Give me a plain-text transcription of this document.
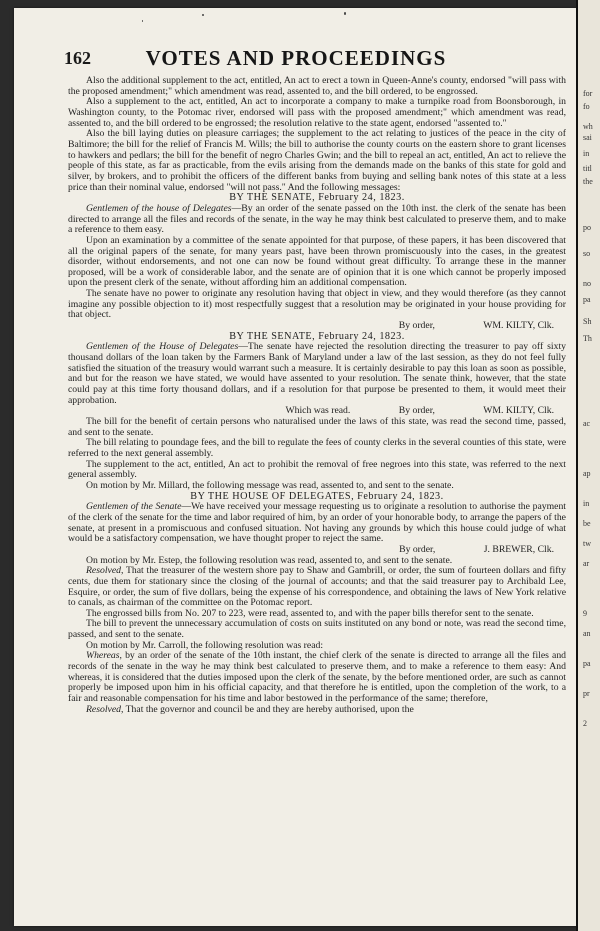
162	VOTES AND PROCEEDINGS

Also the additional supplement to the act, entitled, An act to erect a town in Queen-Anne's county, endorsed "will pass with the proposed amendment;" which amendment was read, assented to, and the bill ordered, to be engrossed.

Also a supplement to the act, entitled, An act to incorporate a company to make a turnpike road from Boonsborough, in Washington county, to the Potomac river, endorsed will pass with the proposed amendment;" which amendment was read, assented to, and the bill ordered to be engrossed; the resolution relative to the state agent, endorsed "assented to."

Also the bill laying duties on pleasure carriages; the supplement to the act relating to justices of the peace in the city of Baltimore; the bill for the relief of Francis M. Wills; the bill to authorise the county courts on the eastern shore to grant licenses to hawkers and pedlars; the bill for the benefit of negro Charles Gwin; and the bill to repeal an act, entitled, An act to relieve the people of this state, as far as practicable, from the evils arising from the demands made on the banks of this state for gold and silver, by brokers, and to prohibit the officers of the different banks from buying and selling bank notes of this state at a less price than their nominal value, endorsed "will not pass." And the following messages:

BY THE SENATE, February 24, 1823.

Gentlemen of the house of Delegates—By an order of the senate passed on the 10th inst. the clerk of the senate has been directed to arrange all the files and records of the senate, in the way he may think best calculated to preserve them, and to make a reference to them easy.

Upon an examination by a committee of the senate appointed for that purpose, of these papers, it has been discovered that all the original papers of the senate, for many years past, have been thrown promiscuously into the cases, in the greatest disorder, without endorsements, and not one can now be found without great difficulty. To arrange these in the manner proposed, will be a work of considerable labor, and the senate are of opinion that it is one which cannot be properly imposed upon the present clerk of the senate, without affording him an additional compensation.

The senate have no power to originate any resolution having that object in view, and they would therefore (as they cannot imagine any possible objection to it) most respectfully suggest that a resolution may be originated in your house providing for that object.

By order,                    WM. KILTY, Clk.

BY THE SENATE, February 24, 1823.

Gentlemen of the House of Delegates—The senate have rejected the resolution directing the treasurer to pay off sixty thousand dollars of the loan taken by the Farmers Bank of Maryland under a law of the last session, as they do not feel fully satisfied the situation of the treasury would warrant such a measure. It is certainly desirable to pay this loan as soon as possible, and but for the reason we have stated, we would have assented to your resolution. The senate think, however, that the state could pay at this time forty thousand dollars, and if a resolution for that purpose be presented to them, it would meet their approbation.

Which was read.                    By order,                    WM. KILTY, Clk.

The bill for the benefit of certain persons who naturalised under the laws of this state, was read the second time, passed, and sent to the senate.

The bill relating to poundage fees, and the bill to regulate the fees of county clerks in the several counties of this state, were referred to the next general assembly.

The supplement to the act, entitled, An act to prohibit the removal of free negroes into this state, was referred to the next general assembly.

On motion by Mr. Millard, the following message was read, assented to, and sent to the senate.

BY THE HOUSE OF DELEGATES, February 24, 1823.

Gentlemen of the Senate—We have received your message requesting us to originate a resolution to authorise the payment of the clerk of the senate for the time and labor required of him, by an order of your honorable body, to arrange the papers of the senate, at present in a promiscuous and confused situation. Not having any grounds by which this house could judge of what would be a satisfactory compensation, we have thought proper to reject the same.

By order,                    J. BREWER, Clk.

On motion by Mr. Estep, the following resolution was read, assented to, and sent to the senate.

Resolved, That the treasurer of the western shore pay to Shaw and Gambrill, or order, the sum of fourteen dollars and fifty cents, due them for stationary since the closing of the journal of accounts; and that the said treasurer pay to Archibald Lee, Esquire, or order, the sum of five dollars, being the expense of his correspondence, and obtaining the laws of New York relative to canals, as chairman of the committee on the Potomac report.

The engrossed bills from No. 207 to 223, were read, assented to, and with the paper bills therefor sent to the senate.

The bill to prevent the unnecessary accumulation of costs on suits instituted on any bond or note, was read the second time, passed, and sent to the senate.

On motion by Mr. Carroll, the following resolution was read:

Whereas, by an order of the senate of the 10th instant, the chief clerk of the senate is directed to arrange all the files and records of the senate in the way he may think best calculated to preserve them, and to make a reference to them easy: And whereas, it is considered that the duties imposed upon the clerk of the senate, by the before mentioned order, are such as cannot properly be imposed upon him in his official capacity, and that therefore he is entitled, upon the completion of the work, to a fair and reasonable compensation for his time and labor bestowed in the performance of the same; therefore,

Resolved, That the governor and council be and they are hereby authorised, upon the

for
fo
wh
sai
in
titl
the
po
so
no
pa
Sh
Th
ac
ap
in
be
tw
ar
9
an
pa
pr
2
